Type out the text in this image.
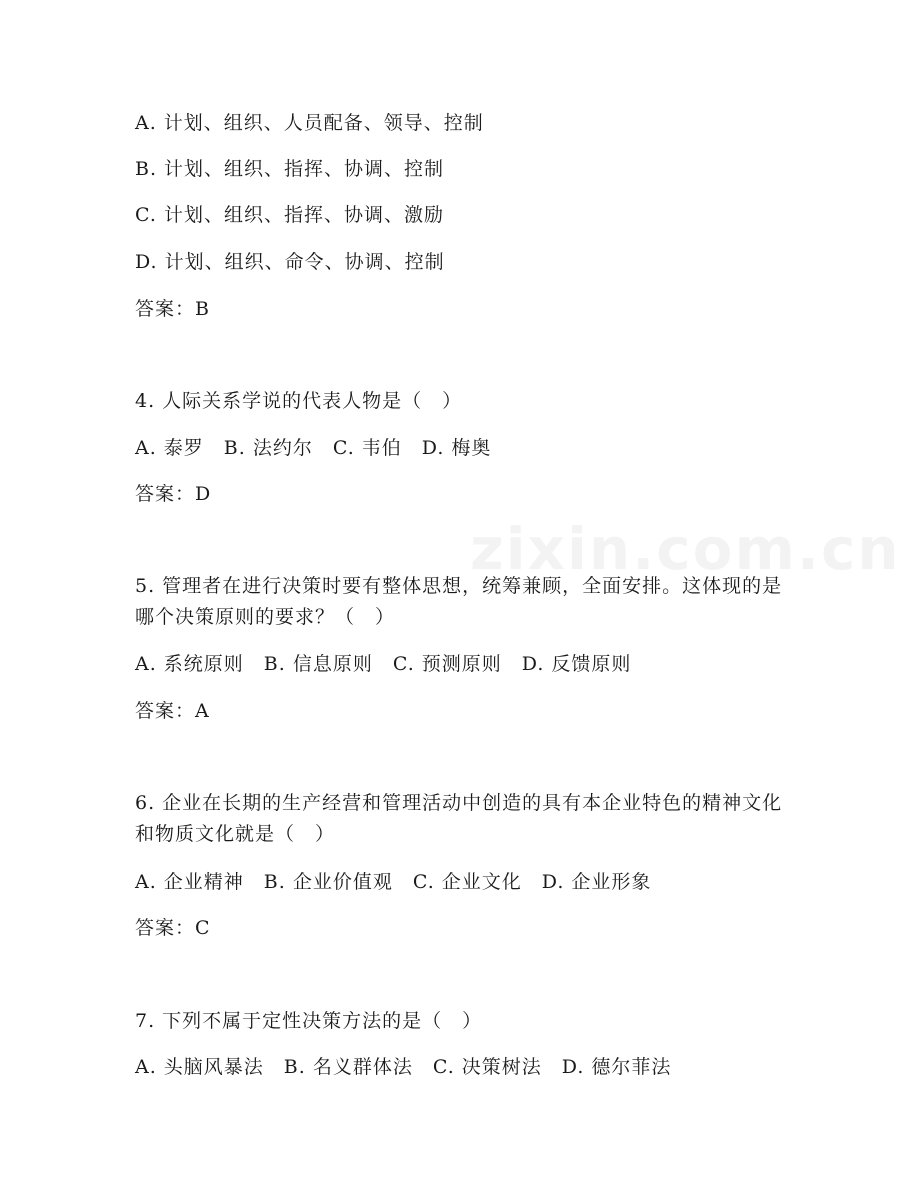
A. 计划、组织、人员配备、领导、控制
B. 计划、组织、指挥、协调、控制
C. 计划、组织、指挥、协调、激励
D. 计划、组织、命令、协调、控制
答案：B
4. 人际关系学说的代表人物是（　）
A. 泰罗　B. 法约尔　C. 韦伯　D. 梅奥
答案：D
5. 管理者在进行决策时要有整体思想，统筹兼顾，全面安排。这体现的是哪个决策原则的要求？（　）
A. 系统原则　B. 信息原则　C. 预测原则　D. 反馈原则
答案：A
6. 企业在长期的生产经营和管理活动中创造的具有本企业特色的精神文化和物质文化就是（　）
A. 企业精神　B. 企业价值观　C. 企业文化　D. 企业形象
答案：C
7. 下列不属于定性决策方法的是（　）
A. 头脑风暴法　B. 名义群体法　C. 决策树法　D. 德尔菲法
